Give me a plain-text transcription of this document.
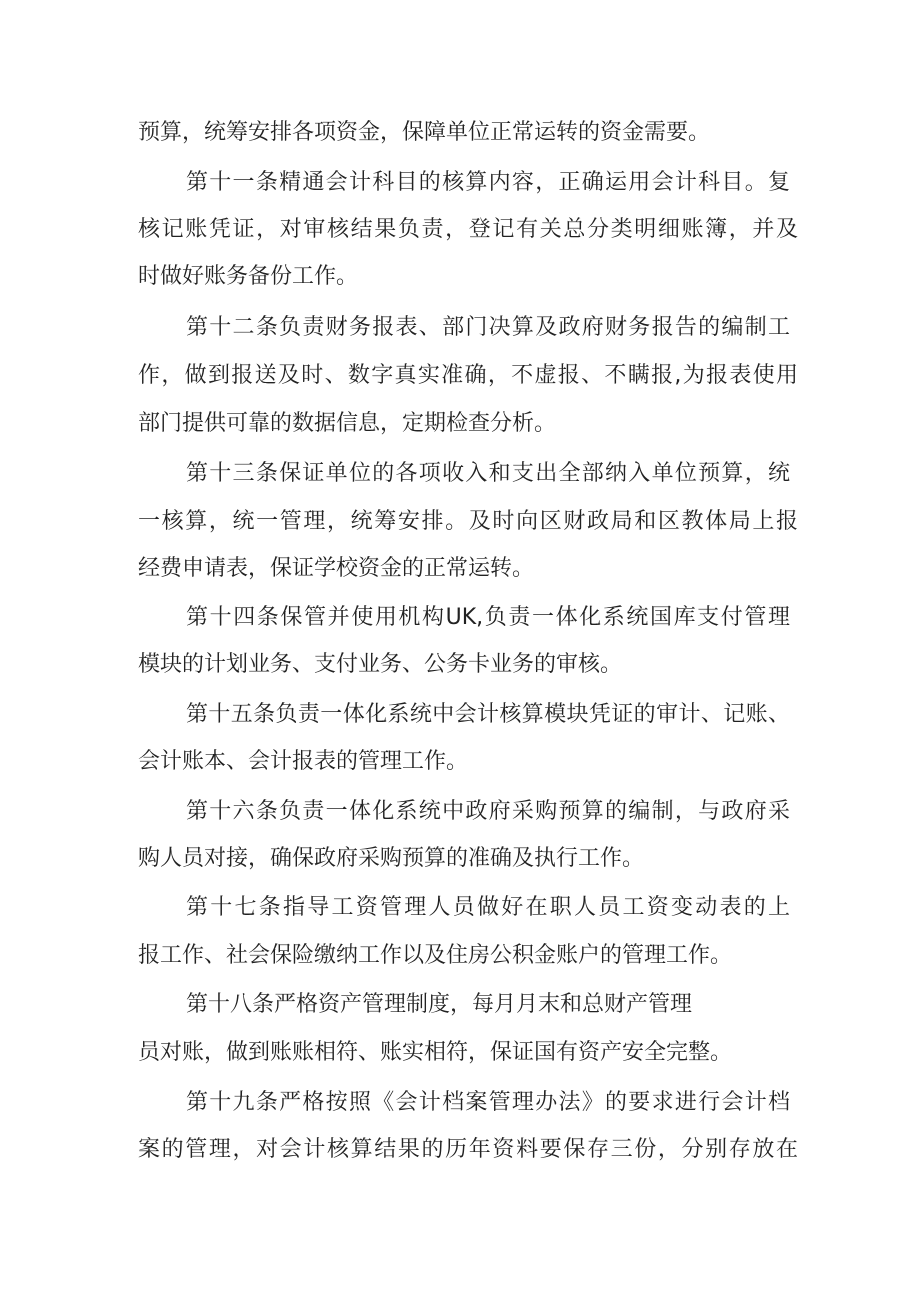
预算，统筹安排各项资金，保障单位正常运转的资金需要。
第十一条精通会计科目的核算内容，正确运用会计科目。复
核记账凭证，对审核结果负责，登记有关总分类明细账簿，并及
时做好账务备份工作。
第十二条负责财务报表、部门决算及政府财务报告的编制工
作，做到报送及时、数字真实准确，不虚报、不瞒报,为报表使用
部门提供可靠的数据信息，定期检查分析。
第十三条保证单位的各项收入和支出全部纳入单位预算，统
一核算，统一管理，统筹安排。及时向区财政局和区教体局上报
经费申请表，保证学校资金的正常运转。
第十四条保管并使用机构UK,负责一体化系统国库支付管理
模块的计划业务、支付业务、公务卡业务的审核。
第十五条负责一体化系统中会计核算模块凭证的审计、记账、
会计账本、会计报表的管理工作。
第十六条负责一体化系统中政府采购预算的编制，与政府采
购人员对接，确保政府采购预算的准确及执行工作。
第十七条指导工资管理人员做好在职人员工资变动表的上
报工作、社会保险缴纳工作以及住房公积金账户的管理工作。
第十八条严格资产管理制度，每月月末和总财产管理
员对账，做到账账相符、账实相符，保证国有资产安全完整。
第十九条严格按照《会计档案管理办法》的要求进行会计档
案的管理，对会计核算结果的历年资料要保存三份，分别存放在
